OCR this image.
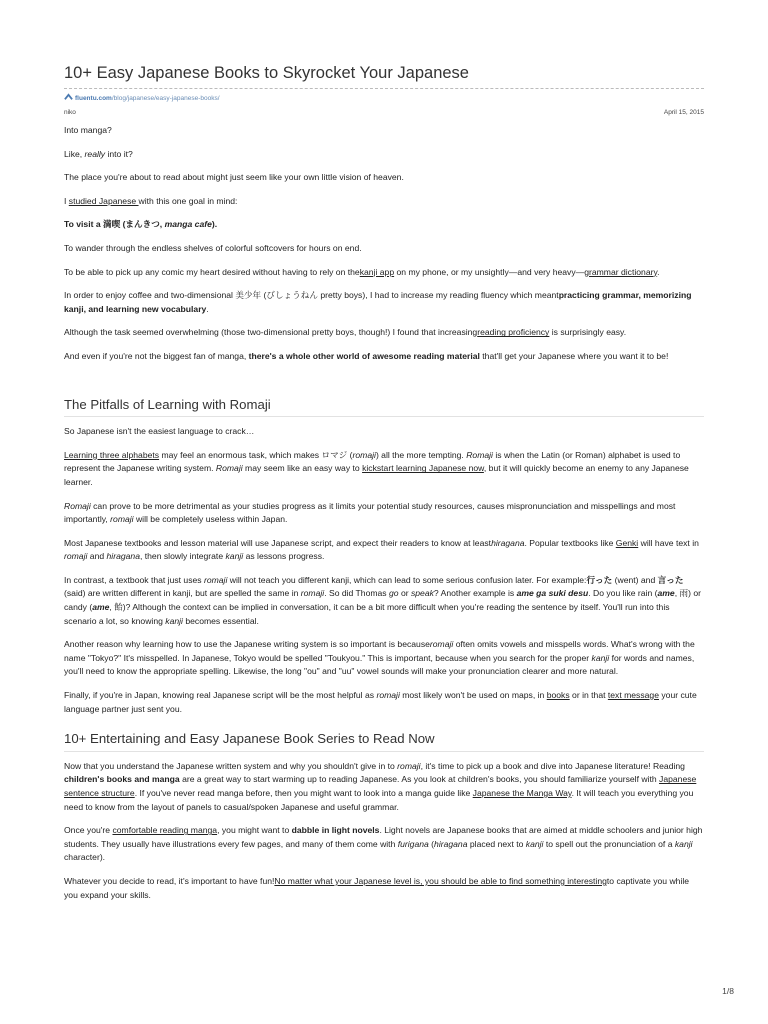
10+ Easy Japanese Books to Skyrocket Your Japanese
fluentu.com/blog/japanese/easy-japanese-books/
niko	April 15, 2015

Into manga?

Like, really into it?

The place you're about to read about might just seem like your own little vision of heaven.

I studied Japanese with this one goal in mind:

To visit a 満喫 (まんきつ, manga cafe).

To wander through the endless shelves of colorful softcovers for hours on end.

To be able to pick up any comic my heart desired without having to rely on thekanji app on my phone, or my unsightly—and very heavy—grammar dictionary.

In order to enjoy coffee and two-dimensional 美少年 (びしょうねん pretty boys), I had to increase my reading fluency which meantpracticing grammar, memorizing kanji, and learning new vocabulary.

Although the task seemed overwhelming (those two-dimensional pretty boys, though!) I found that increasingreading proficiency is surprisingly easy.

And even if you're not the biggest fan of manga, there's a whole other world of awesome reading material that'll get your Japanese where you want it to be!

The Pitfalls of Learning with Romaji

So Japanese isn't the easiest language to crack…

Learning three alphabets may feel an enormous task, which makes ロマジ (romaji) all the more tempting. Romaji is when the Latin (or Roman) alphabet is used to represent the Japanese writing system. Romaji may seem like an easy way to kickstart learning Japanese now, but it will quickly become an enemy to any Japanese learner.

Romaji can prove to be more detrimental as your studies progress as it limits your potential study resources, causes mispronunciation and misspellings and most importantly, romaji will be completely useless within Japan.

Most Japanese textbooks and lesson material will use Japanese script, and expect their readers to know at leasthiragana. Popular textbooks like Genki will have text in romaji and hiragana, then slowly integrate kanji as lessons progress.

In contrast, a textbook that just uses romaji will not teach you different kanji, which can lead to some serious confusion later. For example:行った (went) and 言った (said) are written different in kanji, but are spelled the same in romaji. So did Thomas go or speak? Another example is ame ga suki desu. Do you like rain (ame, 雨) or candy (ame, 飴)? Although the context can be implied in conversation, it can be a bit more difficult when you're reading the sentence by itself. You'll run into this scenario a lot, so knowing kanji becomes essential.

Another reason why learning how to use the Japanese writing system is so important is becauseromaji often omits vowels and misspells words. What's wrong with the name "Tokyo?" It's misspelled. In Japanese, Tokyo would be spelled "Toukyou." This is important, because when you search for the proper kanji for words and names, you'll need to know the appropriate spelling. Likewise, the long "ou" and "uu" vowel sounds will make your pronunciation clearer and more natural.

Finally, if you're in Japan, knowing real Japanese script will be the most helpful as romaji most likely won't be used on maps, in books or in that text message your cute language partner just sent you.

10+ Entertaining and Easy Japanese Book Series to Read Now

Now that you understand the Japanese written system and why you shouldn't give in to romaji, it's time to pick up a book and dive into Japanese literature! Reading children's books and manga are a great way to start warming up to reading Japanese. As you look at children's books, you should familiarize yourself with Japanese sentence structure. If you've never read manga before, then you might want to look into a manga guide like Japanese the Manga Way. It will teach you everything you need to know from the layout of panels to casual/spoken Japanese and useful grammar.

Once you're comfortable reading manga, you might want to dabble in light novels. Light novels are Japanese books that are aimed at middle schoolers and junior high students. They usually have illustrations every few pages, and many of them come with furigana (hiragana placed next to kanji to spell out the pronunciation of a kanji character).

Whatever you decide to read, it's important to have fun!No matter what your Japanese level is, you should be able to find something interestingto captivate you while you expand your skills.

1/8
